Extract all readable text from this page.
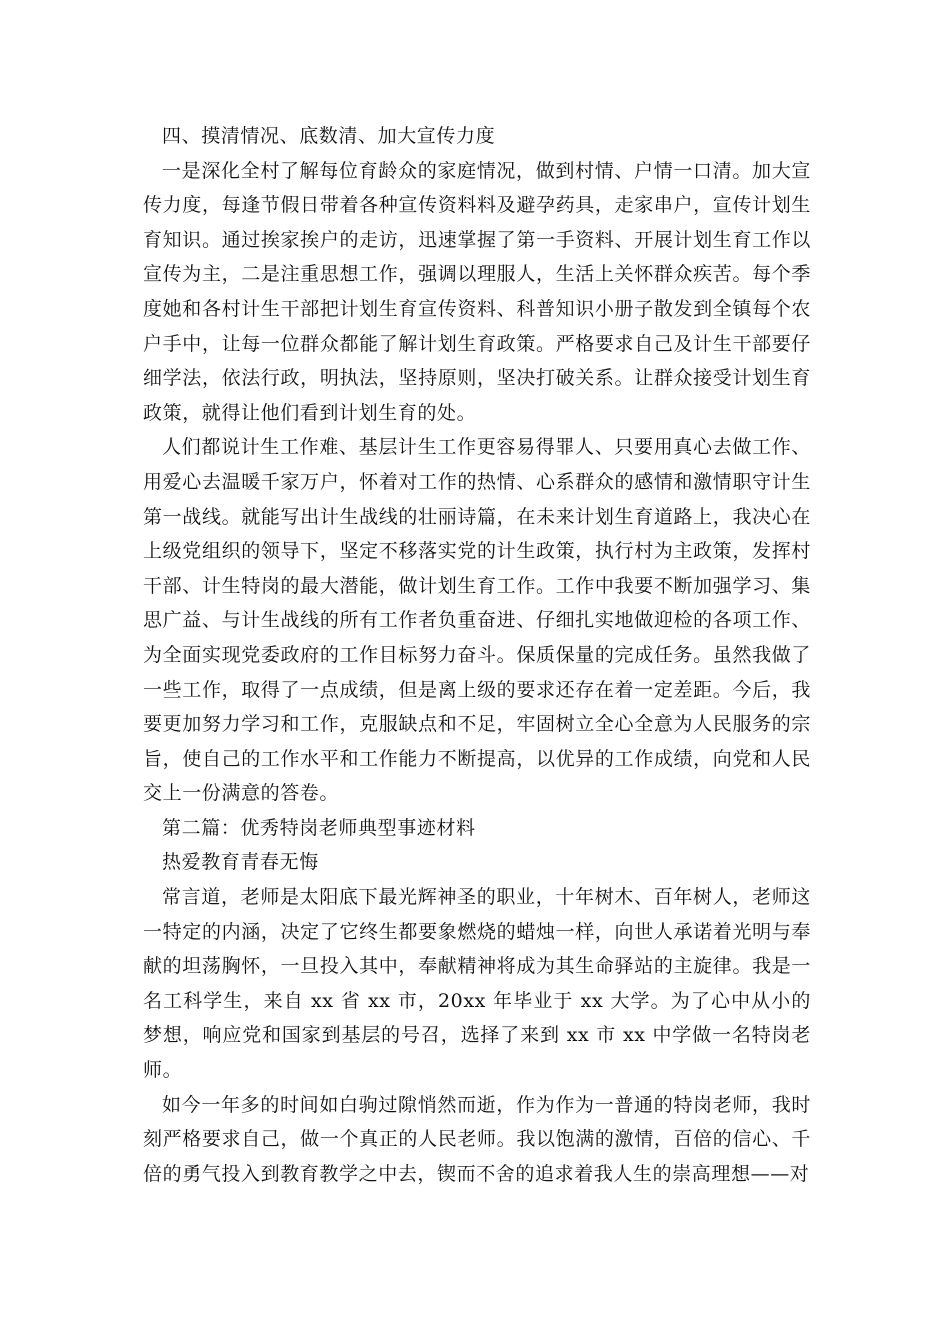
四、摸清情况、底数清、加大宣传力度

一是深化全村了解每位育龄众的家庭情况，做到村情、户情一口清。加大宣传力度，每逢节假日带着各种宣传资料料及避孕药具，走家串户，宣传计划生育知识。通过挨家挨户的走访，迅速掌握了第一手资料、开展计划生育工作以宣传为主，二是注重思想工作，强调以理服人，生活上关怀群众疾苦。每个季度她和各村计生干部把计划生育宣传资料、科普知识小册子散发到全镇每个农户手中，让每一位群众都能了解计划生育政策。严格要求自己及计生干部要仔细学法，依法行政，明执法，坚持原则，坚决打破关系。让群众接受计划生育政策，就得让他们看到计划生育的处。

人们都说计生工作难、基层计生工作更容易得罪人、只要用真心去做工作、用爱心去温暖千家万户，怀着对工作的热情、心系群众的感情和激情职守计生第一战线。就能写出计生战线的壮丽诗篇，在未来计划生育道路上，我决心在上级党组织的领导下，坚定不移落实党的计生政策，执行村为主政策，发挥村干部、计生特岗的最大潜能，做计划生育工作。工作中我要不断加强学习、集思广益、与计生战线的所有工作者负重奋进、仔细扎实地做迎检的各项工作、为全面实现党委政府的工作目标努力奋斗。保质保量的完成任务。虽然我做了一些工作，取得了一点成绩，但是离上级的要求还存在着一定差距。今后，我要更加努力学习和工作，克服缺点和不足，牢固树立全心全意为人民服务的宗旨，使自己的工作水平和工作能力不断提高，以优异的工作成绩，向党和人民交上一份满意的答卷。

第二篇：优秀特岗老师典型事迹材料

热爱教育青春无悔

常言道，老师是太阳底下最光辉神圣的职业，十年树木、百年树人，老师这一特定的内涵，决定了它终生都要象燃烧的蜡烛一样，向世人承诺着光明与奉献的坦荡胸怀，一旦投入其中，奉献精神将成为其生命驿站的主旋律。我是一名工科学生，来自 xx 省 xx 市，20xx 年毕业于 xx 大学。为了心中从小的梦想，响应党和国家到基层的号召，选择了来到 xx 市 xx 中学做一名特岗老师。

如今一年多的时间如白驹过隙悄然而逝，作为作为一普通的特岗老师，我时刻严格要求自己，做一个真正的人民老师。我以饱满的激情，百倍的信心、千倍的勇气投入到教育教学之中去，锲而不舍的追求着我人生的崇高理想——对
